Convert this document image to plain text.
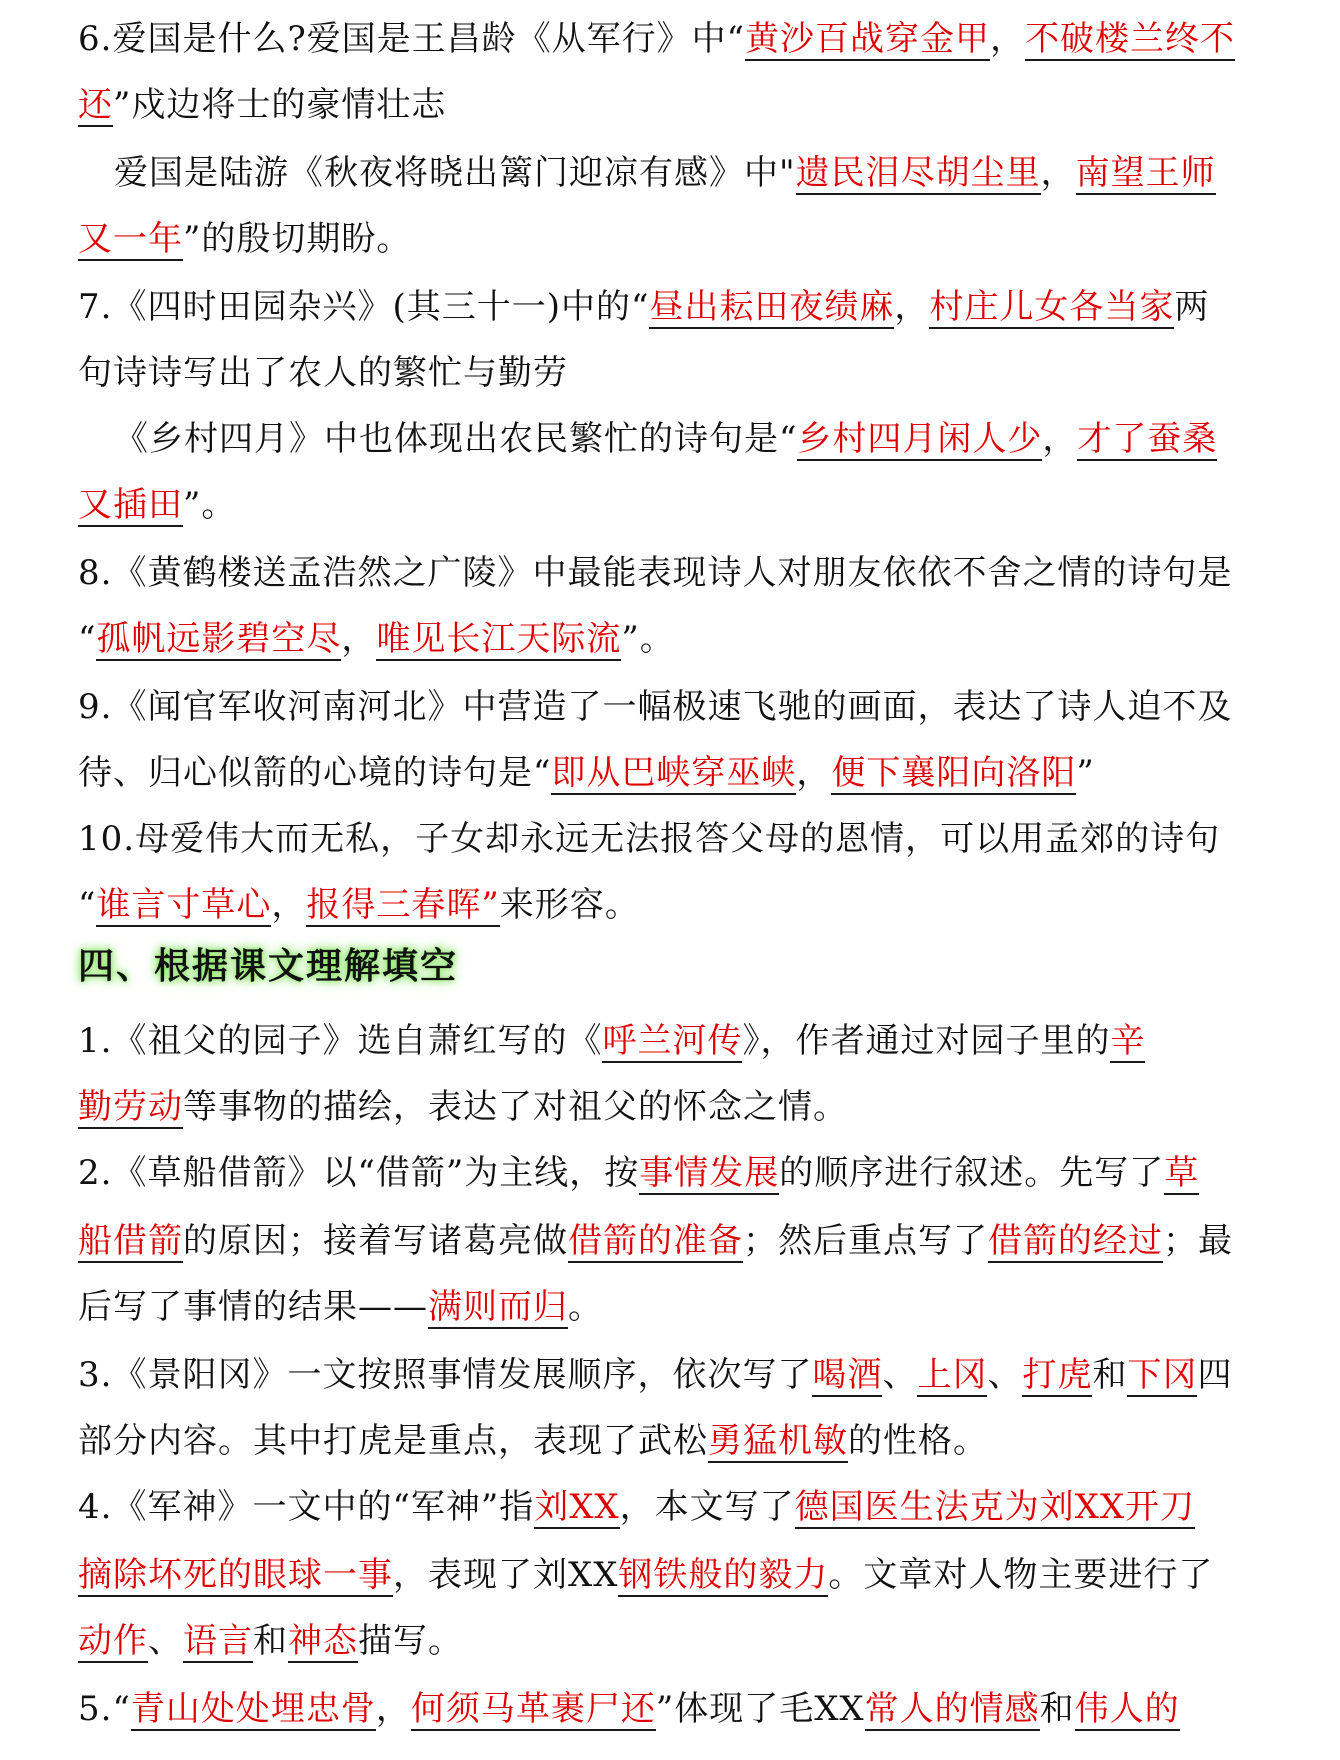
6.爱国是什么?爱国是王昌龄《从军行》中“黄沙百战穿金甲，不破楼兰终不
还”戍边将士的豪情壮志
爱国是陆游《秋夜将晓出篱门迎凉有感》中"遗民泪尽胡尘里，南望王师
又一年”的殷切期盼。
7.《四时田园杂兴》(其三十一)中的“昼出耘田夜绩麻，村庄儿女各当家两
句诗诗写出了农人的繁忙与勤劳
《乡村四月》中也体现出农民繁忙的诗句是“乡村四月闲人少，才了蚕桑
又插田”。
8.《黄鹤楼送孟浩然之广陵》中最能表现诗人对朋友依依不舍之情的诗句是
“孤帆远影碧空尽，唯见长江天际流”。
9.《闻官军收河南河北》中营造了一幅极速飞驰的画面，表达了诗人迫不及
待、归心似箭的心境的诗句是“即从巴峡穿巫峡，便下襄阳向洛阳”
10.母爱伟大而无私，子女却永远无法报答父母的恩情，可以用孟郊的诗句
“谁言寸草心，报得三春晖”来形容。
1.《祖父的园子》选自萧红写的《呼兰河传》，作者通过对园子里的辛
勤劳动等事物的描绘，表达了对祖父的怀念之情。
2.《草船借箭》以“借箭”为主线，按事情发展的顺序进行叙述。先写了草
船借箭的原因；接着写诸葛亮做借箭的准备；然后重点写了借箭的经过；最
后写了事情的结果——满则而归。
3.《景阳冈》一文按照事情发展顺序，依次写了喝酒、上冈、打虎和下冈四
部分内容。其中打虎是重点，表现了武松勇猛机敏的性格。
4.《军神》一文中的“军神”指刘XX，本文写了德国医生法克为刘XX开刀
摘除坏死的眼球一事，表现了刘XX钢铁般的毅力。文章对人物主要进行了
动作、语言和神态描写。
5.“青山处处埋忠骨，何须马革裹尸还”体现了毛XX常人的情感和伟人的
四、根据课文理解填空
